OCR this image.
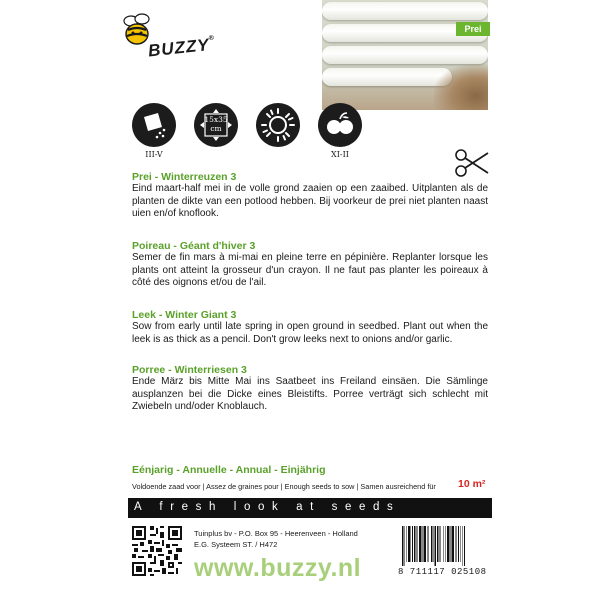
Prei
BUZZY®
III-V
15x35
cm
XI-II

Prei - Winterreuzen 3

Eind maart-half mei in de volle grond zaaien op een zaaibed. Uitplanten als de planten de dikte van een potlood hebben. Bij voorkeur de prei niet planten naast uien en/of knoflook.

Poireau - Géant d'hiver 3

Semer de fin mars à mi-mai en pleine terre en pépinière. Replanter lorsque les plants ont atteint la grosseur d'un crayon. Il ne faut pas planter les poireaux à côté des oignons et/ou de l'ail.

Leek - Winter Giant 3

Sow from early until late spring in open ground in seedbed. Plant out when the leek is as thick as a pencil. Don't grow leeks next to onions and/or garlic.

Porree - Winterriesen 3

Ende März bis Mitte Mai ins Saatbeet ins Freiland einsäen. Die Sämlinge ausplanzen bei die Dicke eines Bleistifts. Porree verträgt sich schlecht mit Zwiebeln und/oder Knoblauch.

Eénjarig - Annuelle - Annual - Einjährig
Voldoende zaad voor | Assez de graines pour | Enough seeds to sow | Samen ausreichend für	10 m²
A fresh look at seeds
Tuinplus bv - P.O. Box 95 - Heerenveen - Holland
E.G. Systeem ST. / H472
www.buzzy.nl	8 711117 025108
